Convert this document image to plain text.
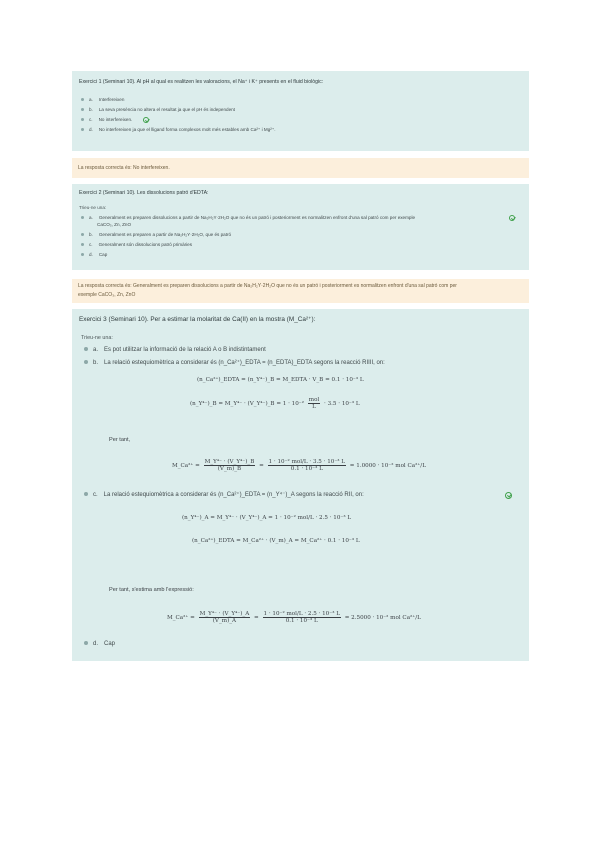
Exercici 1 (Seminari 10). Al pH al qual es realitzen les valoracions, el Na⁺ i K⁺ presents en el fluid biològic:
a. Interfereixen
b. La seva presència no altera el resultat ja que el pH és independent
c. No interfereixen.
d. No interfereixen ja que el lligand forma complexos molt més estables amb Ca²⁺ i Mg²⁺.
La resposta correcta és: No interfereixen.
Exercici 2 (Seminari 10). Les dissolucions patró d'EDTA:
Trieu-ne una:
a. Generalment es preparen dissolucions a partir de Na₂H₂Y·2H₂O que no és un patró i posteriorment es normalitzen enfront d'una sal patró com per exemple
CaCO₃, Zn, ZnO
b. Generalment es preparen a partir de Na₂H₂Y·2H₂O, que és patró
c. Generalment són dissolucions patró primàries
d. Cap
La resposta correcta és: Generalment es preparen dissolucions a partir de Na₂H₂Y·2H₂O que no és un patró i posteriorment es normalitzen enfront d'una sal patró com per
exemple CaCO₃, Zn, ZnO
Exercici 3 (Seminari 10). Per a estimar la molaritat de Ca(II) en la mostra (M_Ca²⁺):
Trieu-ne una:
a. Es pot utilitzar la informació de la relació A o B indistintament
b. La relació estequiomètrica a considerar és (n_Ca²⁺)_EDTA = (n_EDTA)_EDTA segons la reacció RIIII, on:
(n_Ca²⁺)_EDTA = (n_Y⁴⁻)_B = M_EDTA · V_B = 0.1 · 10⁻³ L
(n_Y⁴⁻)_B = M_Y⁴⁻ · (V_Y⁴⁻)_B = $1 \cdot 10^{-2} \frac{\text{mol}}{L} \cdot 3.5 \cdot 10^{-3}$ L
Per tant,
M_Ca²⁺ = $\frac{\text{M\_Y⁴⁻ · (V\_Y⁴⁻)\_B}}{(V\_m)\_B} = \frac{\text{1 · 10⁻² mol/L · 3.5 · 10⁻³ L}}{\text{0.1 · 10⁻³ L}} = 1.0000 \cdot 10^{-2}$ mol Ca²⁺/L
c. La relació estequiomètrica a considerar és (n_Ca²⁺)_EDTA = (n_Y⁴⁻)_A segons la reacció RII, on:
(n_Y⁴⁻)_A = M_Y⁴⁻ · (V_Y⁴⁻)_A = 1 · 10⁻² mol/L · 2.5 · 10⁻³ L
(n_Ca²⁺)_EDTA = M_Ca²⁺ · (V_m)_A = M_Ca²⁺ · 0.1 · 10⁻³ L
Per tant, s'estima amb l'expressió:
M_Ca²⁺ = $\frac{\text{M\_Y⁴⁻ · (V\_Y⁴⁻)\_A}}{(V\_m)\_A} = \frac{\text{1 · 10⁻² mol/L · 2.5 · 10⁻³ L}}{\text{0.1 · 10⁻³ L}} = 2.5000 \cdot 10^{-2}$ mol Ca²⁺/L
d. Cap
